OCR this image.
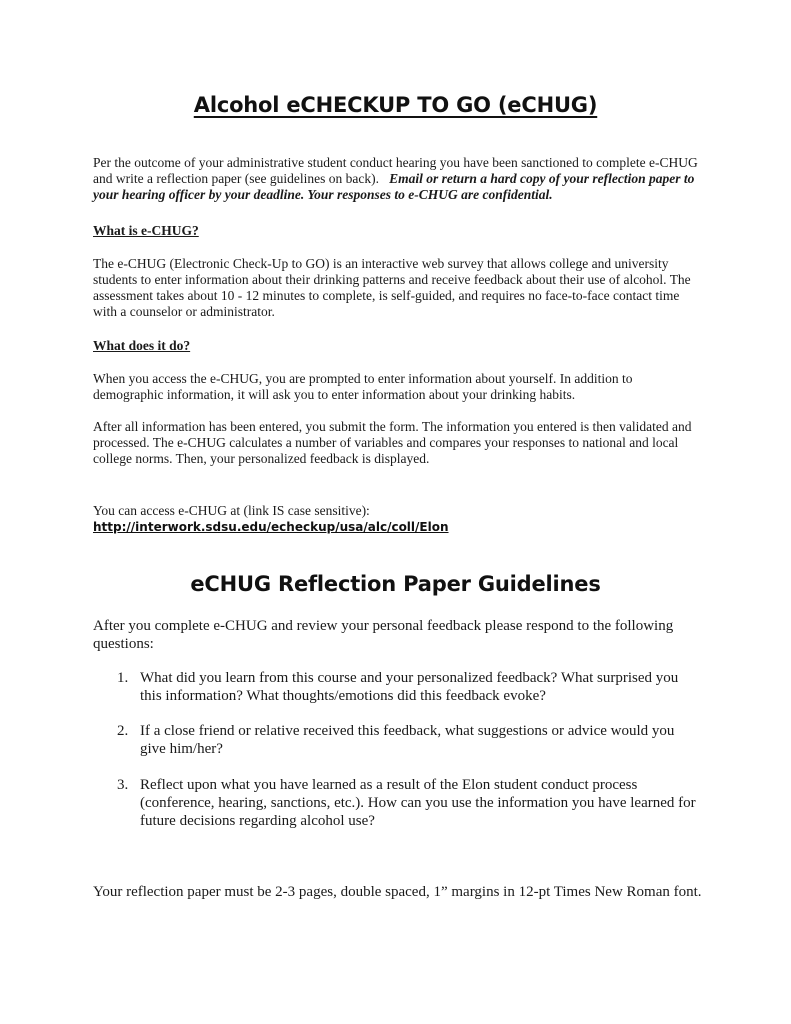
Alcohol eCHECKUP TO GO (eCHUG)

Per the outcome of your administrative student conduct hearing you have been sanctioned to complete e-CHUG and write a reflection paper (see guidelines on back). Email or return a hard copy of your reflection paper to your hearing officer by your deadline. Your responses to e-CHUG are confidential.

What is e-CHUG?

The e-CHUG (Electronic Check-Up to GO) is an interactive web survey that allows college and university students to enter information about their drinking patterns and receive feedback about their use of alcohol. The assessment takes about 10 - 12 minutes to complete, is self-guided, and requires no face-to-face contact time with a counselor or administrator.

What does it do?

When you access the e-CHUG, you are prompted to enter information about yourself. In addition to demographic information, it will ask you to enter information about your drinking habits.

After all information has been entered, you submit the form. The information you entered is then validated and processed. The e-CHUG calculates a number of variables and compares your responses to national and local college norms. Then, your personalized feedback is displayed.

You can access e-CHUG at (link IS case sensitive):

http://interwork.sdsu.edu/echeckup/usa/alc/coll/Elon
eCHUG Reflection Paper Guidelines

After you complete e-CHUG and review your personal feedback please respond to the following questions:

1. What did you learn from this course and your personalized feedback? What surprised you this information? What thoughts/emotions did this feedback evoke?

2. If a close friend or relative received this feedback, what suggestions or advice would you give him/her?

3. Reflect upon what you have learned as a result of the Elon student conduct process (conference, hearing, sanctions, etc.). How can you use the information you have learned for future decisions regarding alcohol use?

Your reflection paper must be 2-3 pages, double spaced, 1” margins in 12-pt Times New Roman font.
